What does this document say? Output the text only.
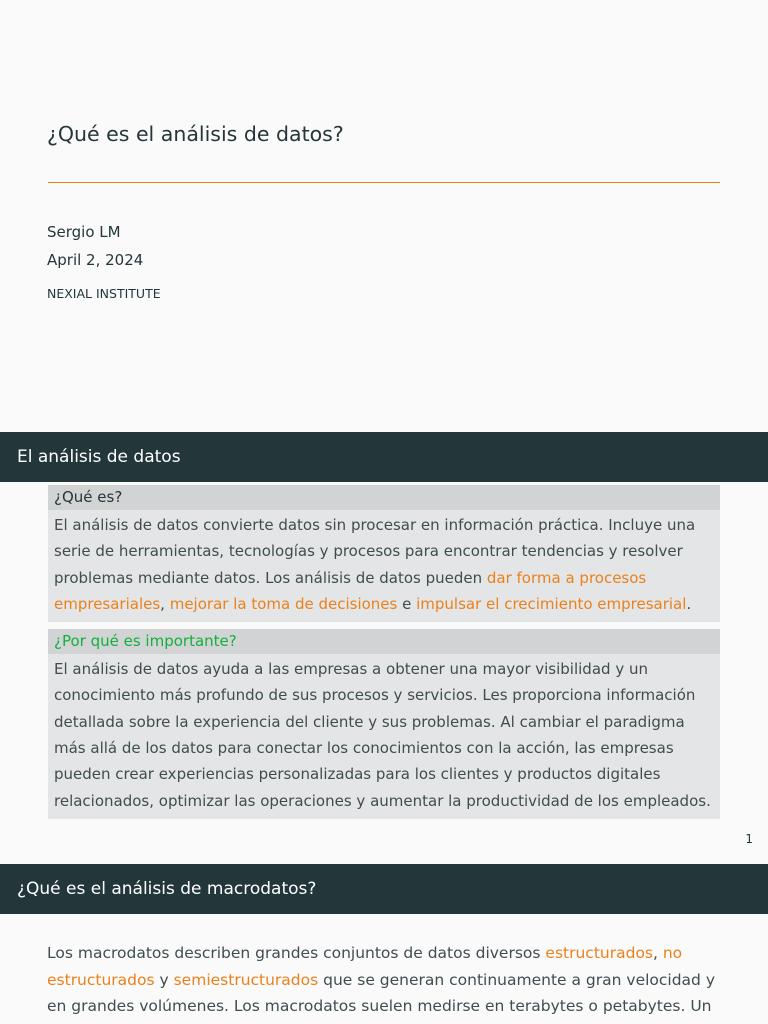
¿Qué es el análisis de datos?
Sergio LM
April 2, 2024
NEXIAL INSTITUTE
El análisis de datos
¿Qué es?
El análisis de datos convierte datos sin procesar en información práctica. Incluye una serie de herramientas, tecnologías y procesos para encontrar tendencias y resolver problemas mediante datos. Los análisis de datos pueden dar forma a procesos empresariales, mejorar la toma de decisiones e impulsar el crecimiento empresarial.
¿Por qué es importante?
El análisis de datos ayuda a las empresas a obtener una mayor visibilidad y un conocimiento más profundo de sus procesos y servicios. Les proporciona información detallada sobre la experiencia del cliente y sus problemas. Al cambiar el paradigma más allá de los datos para conectar los conocimientos con la acción, las empresas pueden crear experiencias personalizadas para los clientes y productos digitales relacionados, optimizar las operaciones y aumentar la productividad de los empleados.
1
¿Qué es el análisis de macrodatos?
Los macrodatos describen grandes conjuntos de datos diversos estructurados, no estructurados y semiestructurados que se generan continuamente a gran velocidad y en grandes volúmenes. Los macrodatos suelen medirse en terabytes o petabytes. Un
